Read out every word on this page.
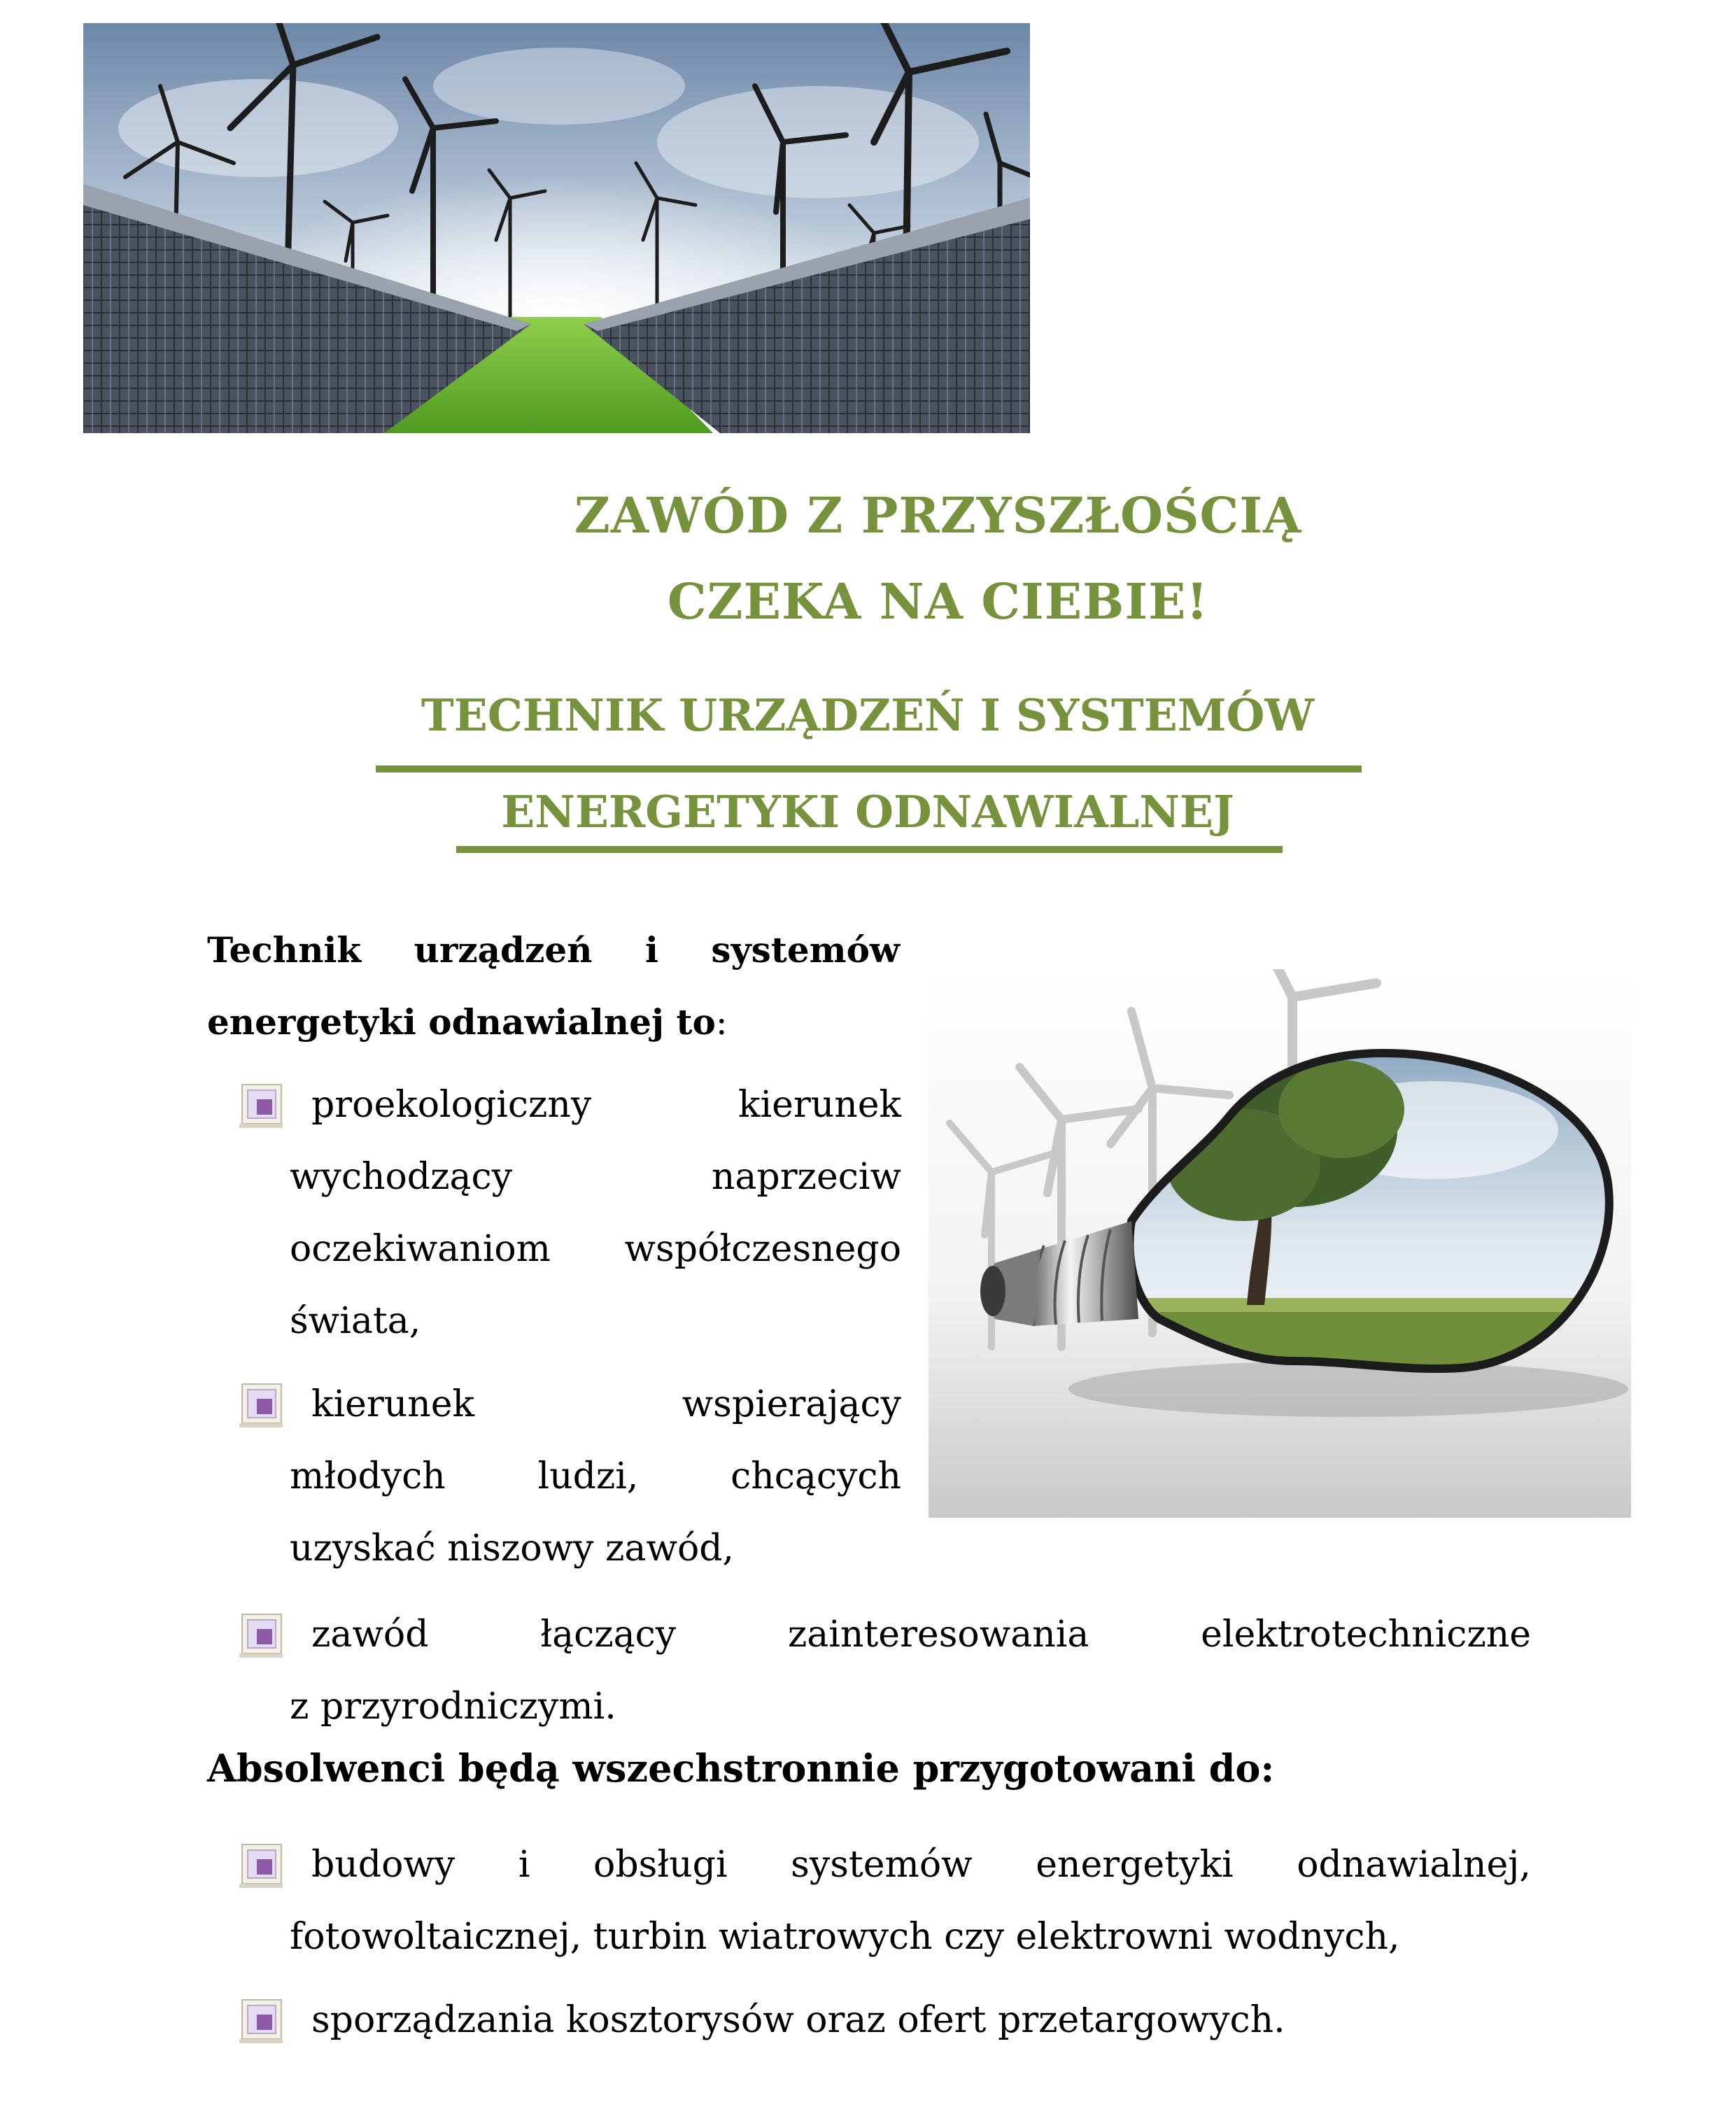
ZAWÓD Z PRZYSZŁOŚCIĄ

CZEKA NA CIEBIE!

TECHNIK URZĄDZEŃ I SYSTEMÓW

ENERGETYKI ODNAWIALNEJ

Technik urządzeń i systemów
energetyki odnawialnej to:
proekologiczny	kierunek
wychodzący	naprzeciw
oczekiwaniom współczesnego
świata,
kierunek	wspierający
młodych	ludzi,	chcących
uzyskać niszowy zawód,
zawód	łączący	zainteresowania	elektrotechniczne
z przyrodniczymi.

Absolwenci będą wszechstronnie przygotowani do:

budowy i obsługi systemów energetyki odnawialnej,
fotowoltaicznej, turbin wiatrowych czy elektrowni wodnych,
sporządzania kosztorysów oraz ofert przetargowych.
